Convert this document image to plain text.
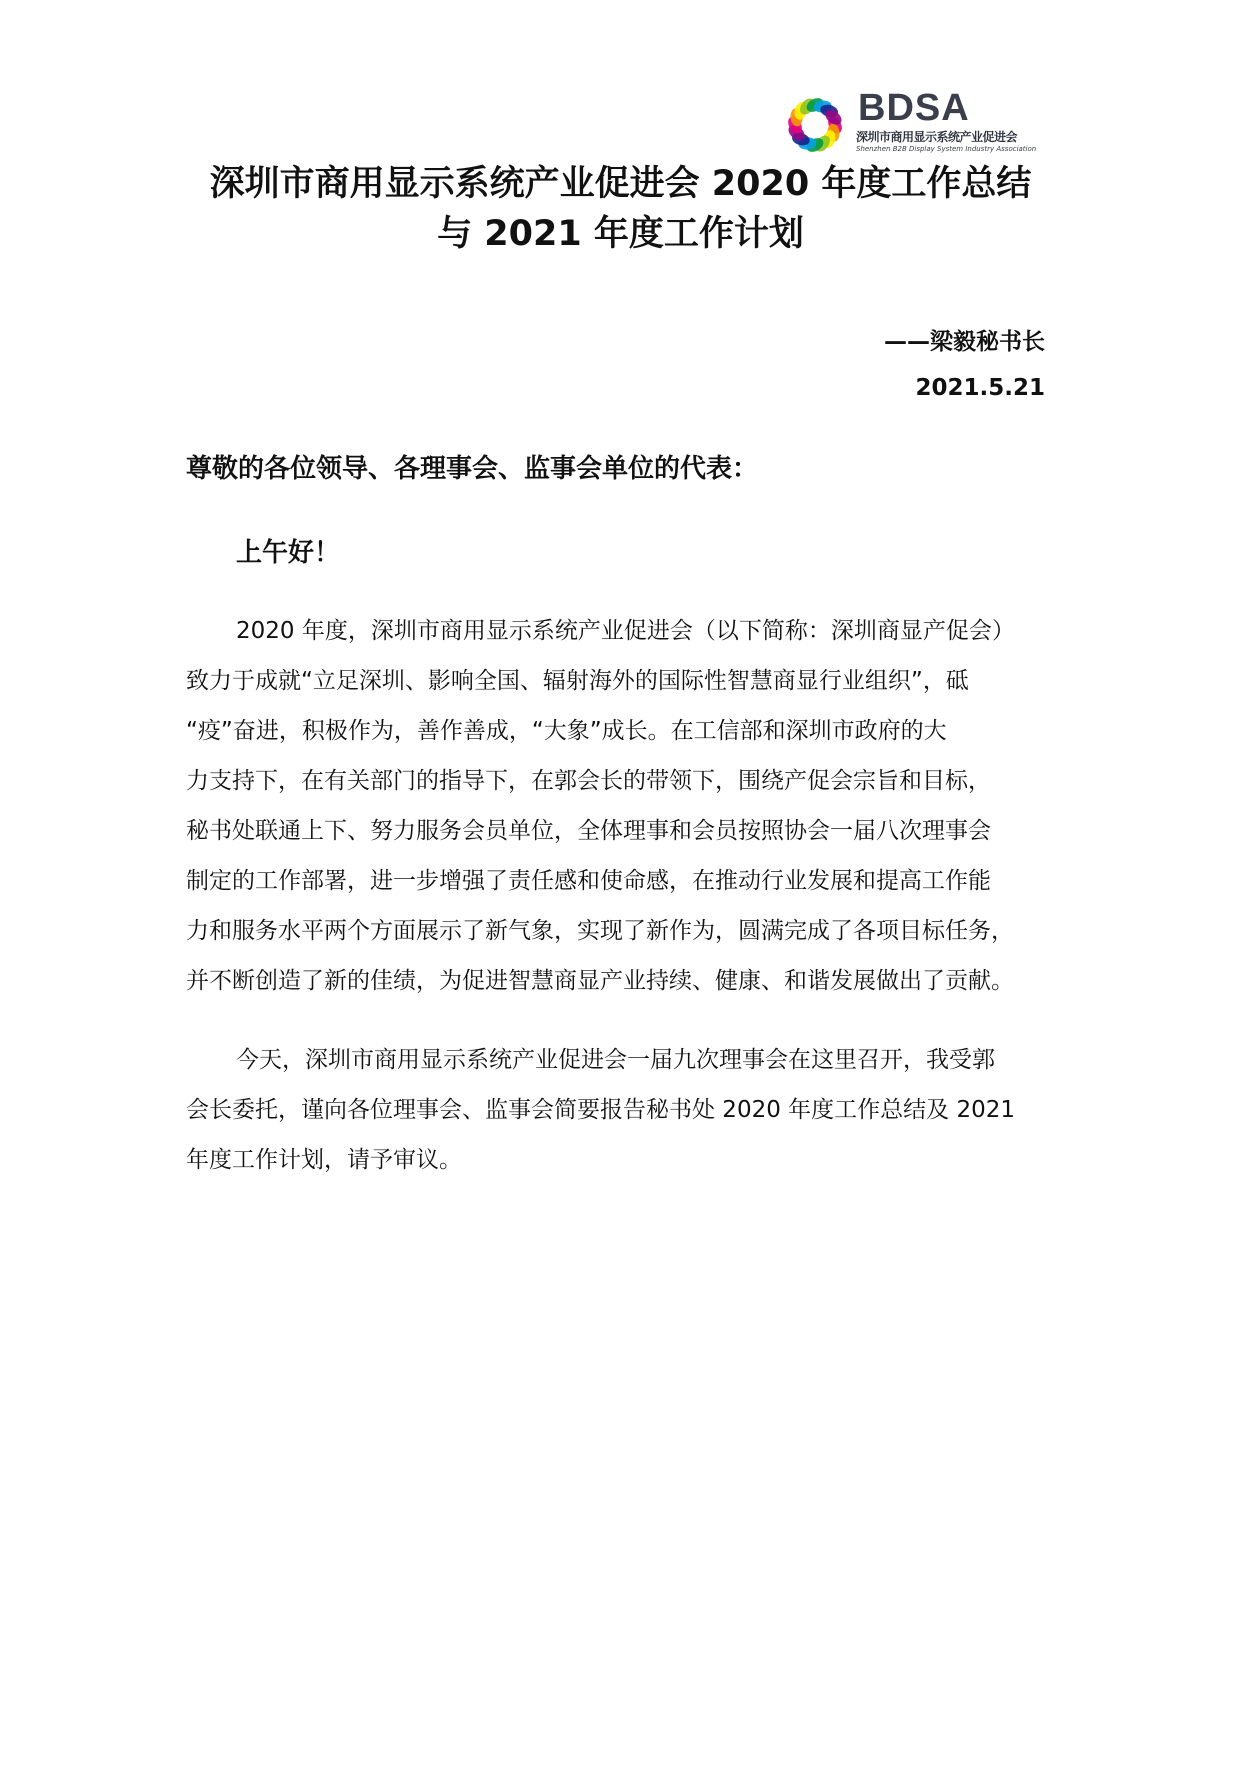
BDSA
深圳市商用显示系统产业促进会
Shenzhen B2B Display System Industry Association
深圳市商用显示系统产业促进会 2020 年度工作总结
与 2021 年度工作计划
——梁毅秘书长
2021.5.21
尊敬的各位领导、各理事会、监事会单位的代表：
上午好！
2020 年度，深圳市商用显示系统产业促进会（以下简称：深圳商显产促会）
致力于成就“立足深圳、影响全国、辐射海外的国际性智慧商显行业组织”，砥
“疫”奋进，积极作为，善作善成，“大象”成长。在工信部和深圳市政府的大
力支持下，在有关部门的指导下，在郭会长的带领下，围绕产促会宗旨和目标，
秘书处联通上下、努力服务会员单位，全体理事和会员按照协会一届八次理事会
制定的工作部署，进一步增强了责任感和使命感，在推动行业发展和提高工作能
力和服务水平两个方面展示了新气象，实现了新作为，圆满完成了各项目标任务，
并不断创造了新的佳绩，为促进智慧商显产业持续、健康、和谐发展做出了贡献。
今天，深圳市商用显示系统产业促进会一届九次理事会在这里召开，我受郭
会长委托，谨向各位理事会、监事会简要报告秘书处 2020 年度工作总结及 2021
年度工作计划，请予审议。
